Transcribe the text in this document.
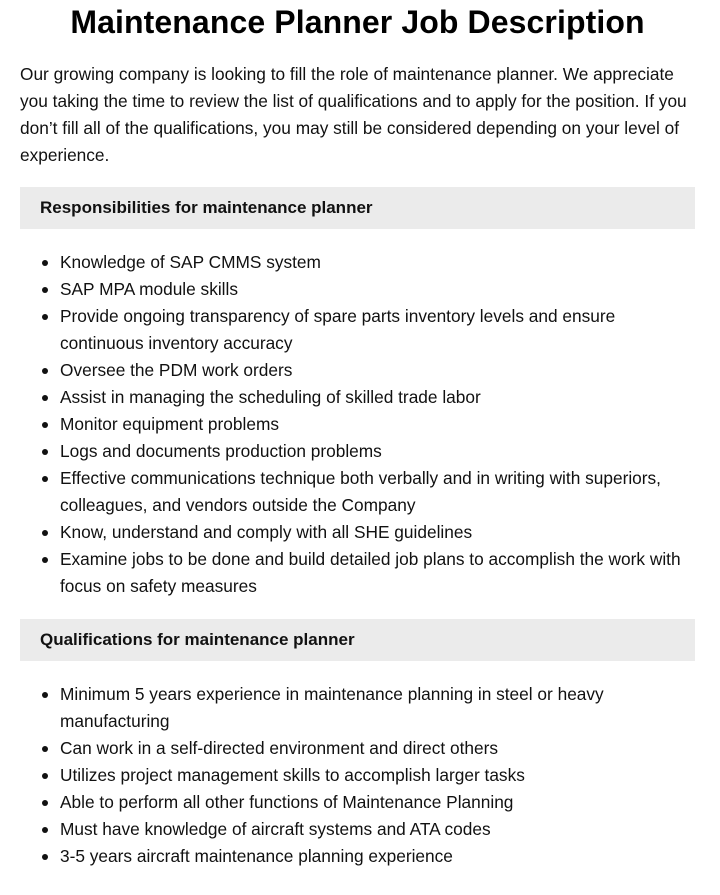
Maintenance Planner Job Description

Our growing company is looking to fill the role of maintenance planner. We appreciate you taking the time to review the list of qualifications and to apply for the position. If you don’t fill all of the qualifications, you may still be considered depending on your level of experience.

Responsibilities for maintenance planner
Knowledge of SAP CMMS system
SAP MPA module skills
Provide ongoing transparency of spare parts inventory levels and ensure continuous inventory accuracy
Oversee the PDM work orders
Assist in managing the scheduling of skilled trade labor
Monitor equipment problems
Logs and documents production problems
Effective communications technique both verbally and in writing with superiors, colleagues, and vendors outside the Company
Know, understand and comply with all SHE guidelines
Examine jobs to be done and build detailed job plans to accomplish the work with focus on safety measures
Qualifications for maintenance planner
Minimum 5 years experience in maintenance planning in steel or heavy manufacturing
Can work in a self-directed environment and direct others
Utilizes project management skills to accomplish larger tasks
Able to perform all other functions of Maintenance Planning
Must have knowledge of aircraft systems and ATA codes
3-5 years aircraft maintenance planning experience
